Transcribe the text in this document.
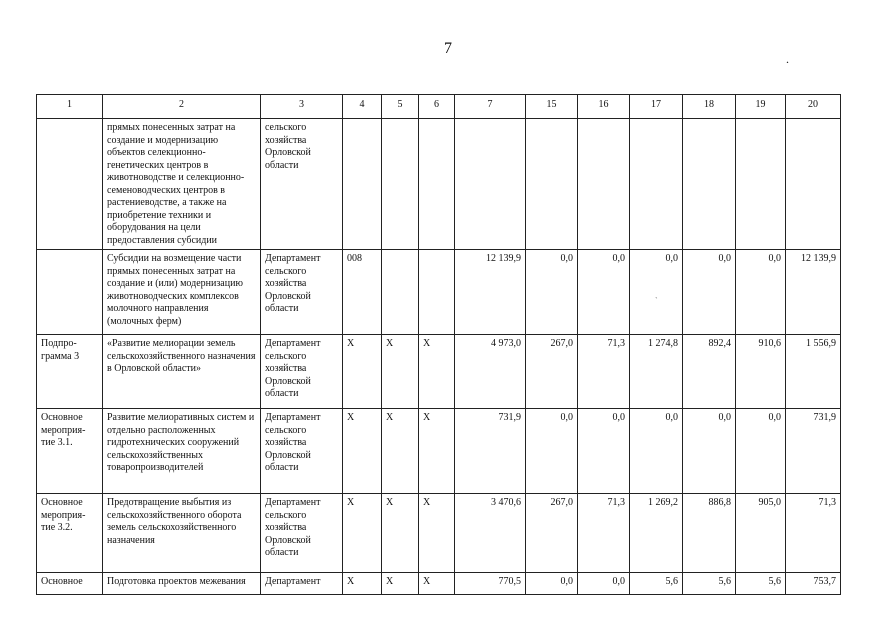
7
.
1	2	3	4	5	6	7	15	16	17	18	19	20
	прямых понесенных затрат на создание и модернизацию объектов селекционно-генетических центров в животноводстве и селекционно-семеноводческих центров в растениеводстве, а также на приобретение техники и оборудования на цели предоставления субсидии	сельского хозяйства Орловской области										
	Субсидии на возмещение части прямых понесенных затрат на создание и (или) модернизацию животноводческих комплексов молочного направления (молочных ферм)	Департамент сельского хозяйства Орловской области	008			12 139,9	0,0	0,0	0,0	0,0	0,0	12 139,9
Подпро-грамма 3	«Развитие мелиорации земель сельскохозяйственного назначения в Орловской области»	Департамент сельского хозяйства Орловской области	X	X	X	4 973,0	267,0	71,3	1 274,8	892,4	910,6	1 556,9
Основное мероприя-тие 3.1.	Развитие мелиоративных систем и отдельно расположенных гидротехнических сооружений сельскохозяйственных товаропроизводителей	Департамент сельского хозяйства Орловской области	X	X	X	731,9	0,0	0,0	0,0	0,0	0,0	731,9
Основное мероприя-тие 3.2.	Предотвращение выбытия из сельскохозяйственного оборота земель сельскохозяйственного назначения	Департамент сельского хозяйства Орловской области	X	X	X	3 470,6	267,0	71,3	1 269,2	886,8	905,0	71,3
Основное	Подготовка проектов межевания	Департамент	X	X	X	770,5	0,0	0,0	5,6	5,6	5,6	753,7
`
